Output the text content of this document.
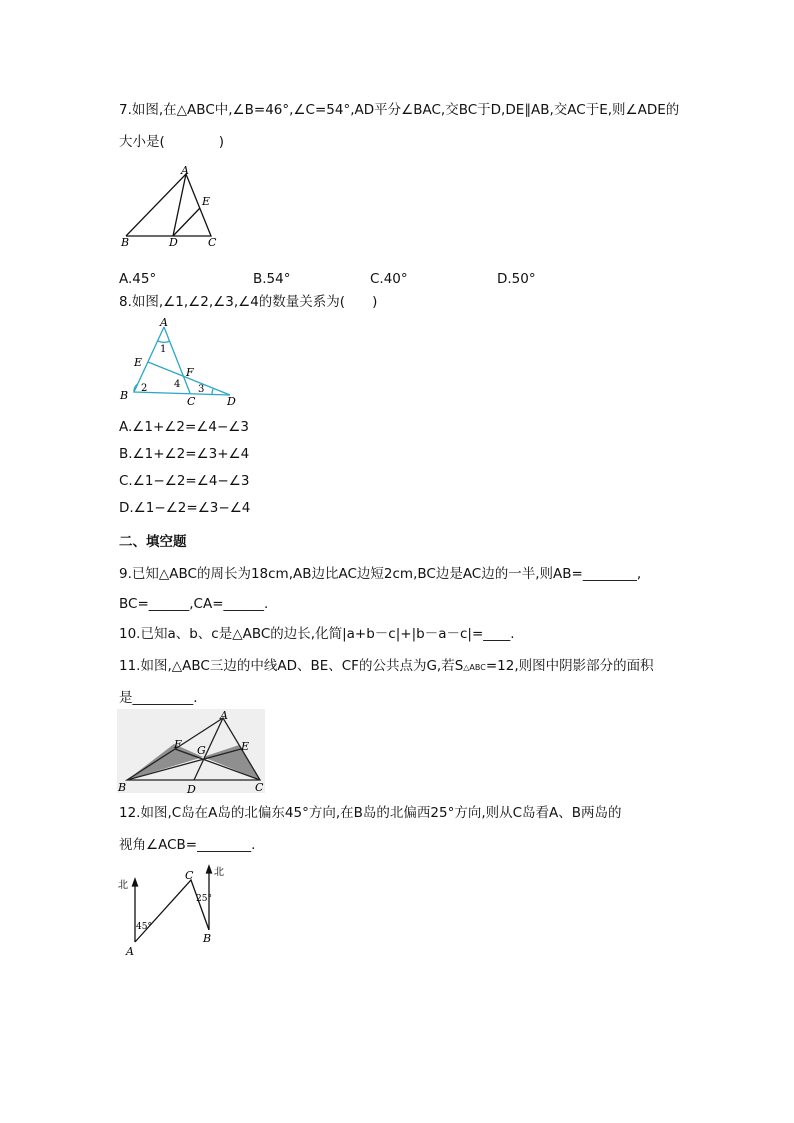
7.如图,在△ABC中,∠B=46°,∠C=54°,AD平分∠BAC,交BC于D,DE∥AB,交AC于E,则∠ADE的
大小是(　　　　)
A
E
B	D	C
A.45°	B.54°	C.40°	D.50°
8.如图,∠1,∠2,∠3,∠4的数量关系为(　　)
A
E
F
B	C	D
1
2	3
4
A.∠1+∠2=∠4−∠3
B.∠1+∠2=∠3+∠4
C.∠1−∠2=∠4−∠3
D.∠1−∠2=∠3−∠4
二、填空题
9.已知△ABC的周长为18cm,AB边比AC边短2cm,BC边是AC边的一半,则AB=________,
BC=______,CA=______.
10.已知a、b、c是△ABC的边长,化简|a+b－c|+|b－a－c|=____.
11.如图,△ABC三边的中线AD、BE、CF的公共点为G,若S△ABC=12,则图中阴影部分的面积
是_________.
A
F G	E
B	D	C
12.如图,C岛在A岛的北偏东45°方向,在B岛的北偏西25°方向,则从C岛看A、B两岛的
视角∠ACB=________.
北
北
45°
25°
C
A
B
